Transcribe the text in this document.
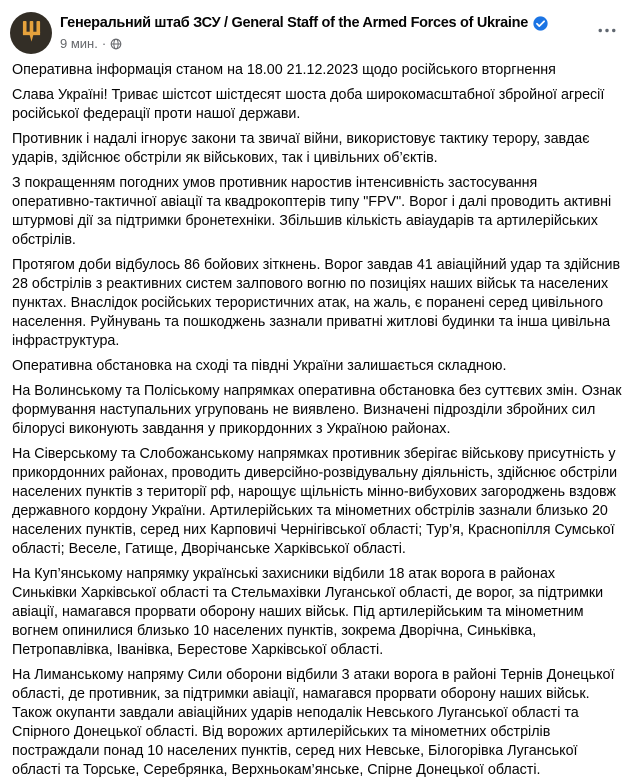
Генеральний штаб ЗСУ / General Staff of the Armed Forces of Ukraine
9 мин. ·

Оперативна інформація станом на 18.00 21.12.2023 щодо російського вторгнення

Слава Україні! Триває шістсот шістдесят шоста доба широкомасштабної збройної агресії російської федерації проти нашої держави.

Противник і надалі ігнорує закони та звичаї війни, використовує тактику терору, завдає ударів, здійснює обстріли як військових, так і цивільних об’єктів.

З покращенням погодних умов противник наростив інтенсивність застосування оперативно-тактичної авіації та квадрокоптерів типу "FPV". Ворог і далі проводить активні штурмові дії за підтримки бронетехніки. Збільшив кількість авіаударів та артилерійських обстрілів.

Протягом доби відбулось 86 бойових зіткнень. Ворог завдав 41 авіаційний удар та здійснив 28 обстрілів з реактивних систем залпового вогню по позиціях наших військ та населених пунктах. Внаслідок російських терористичних атак, на жаль, є поранені серед цивільного населення. Руйнувань та пошкоджень зазнали приватні житлові будинки та інша цивільна інфраструктура.

Оперативна обстановка на сході та півдні України залишається складною.

На Волинському та Поліському напрямках оперативна обстановка без суттєвих змін. Ознак формування наступальних угруповань не виявлено. Визначені підрозділи збройних сил білорусі виконують завдання у прикордонних з Україною районах.

На Сіверському та Слобожанському напрямках противник зберігає військову присутність у прикордонних районах, проводить диверсійно-розвідувальну діяльність, здійснює обстріли населених пунктів з території рф, нарощує щільність мінно-вибухових загороджень вздовж державного кордону України. Артилерійських та мінометних обстрілів зазнали близько 20 населених пунктів, серед них Карповичі Чернігівської області; Тур’я, Краснопілля Сумської області; Веселе, Гатище, Дворічанське Харківської області.

На Куп’янському напрямку українські захисники відбили 18 атак ворога в районах Синьківки Харківської області та Стельмахівки Луганської області, де ворог, за підтримки авіації, намагався прорвати оборону наших військ. Під артилерійським та мінометним вогнем опинилися близько 10 населених пунктів, зокрема Дворічна, Синьківка, Петропавлівка, Іванівка, Берестове Харківської області.

На Лиманському напряму Сили оборони відбили 3 атаки ворога в районі Тернів Донецької області, де противник, за підтримки авіації, намагався прорвати оборону наших військ. Також окупанти завдали авіаційних ударів неподалік Невського Луганської області та Спірного Донецької області. Від ворожих артилерійських та мінометних обстрілів постраждали понад 10 населених пунктів, серед них Невське, Білогорівка Луганської області та Торське, Серебрянка, Верхньокам’янське, Спірне Донецької області.
